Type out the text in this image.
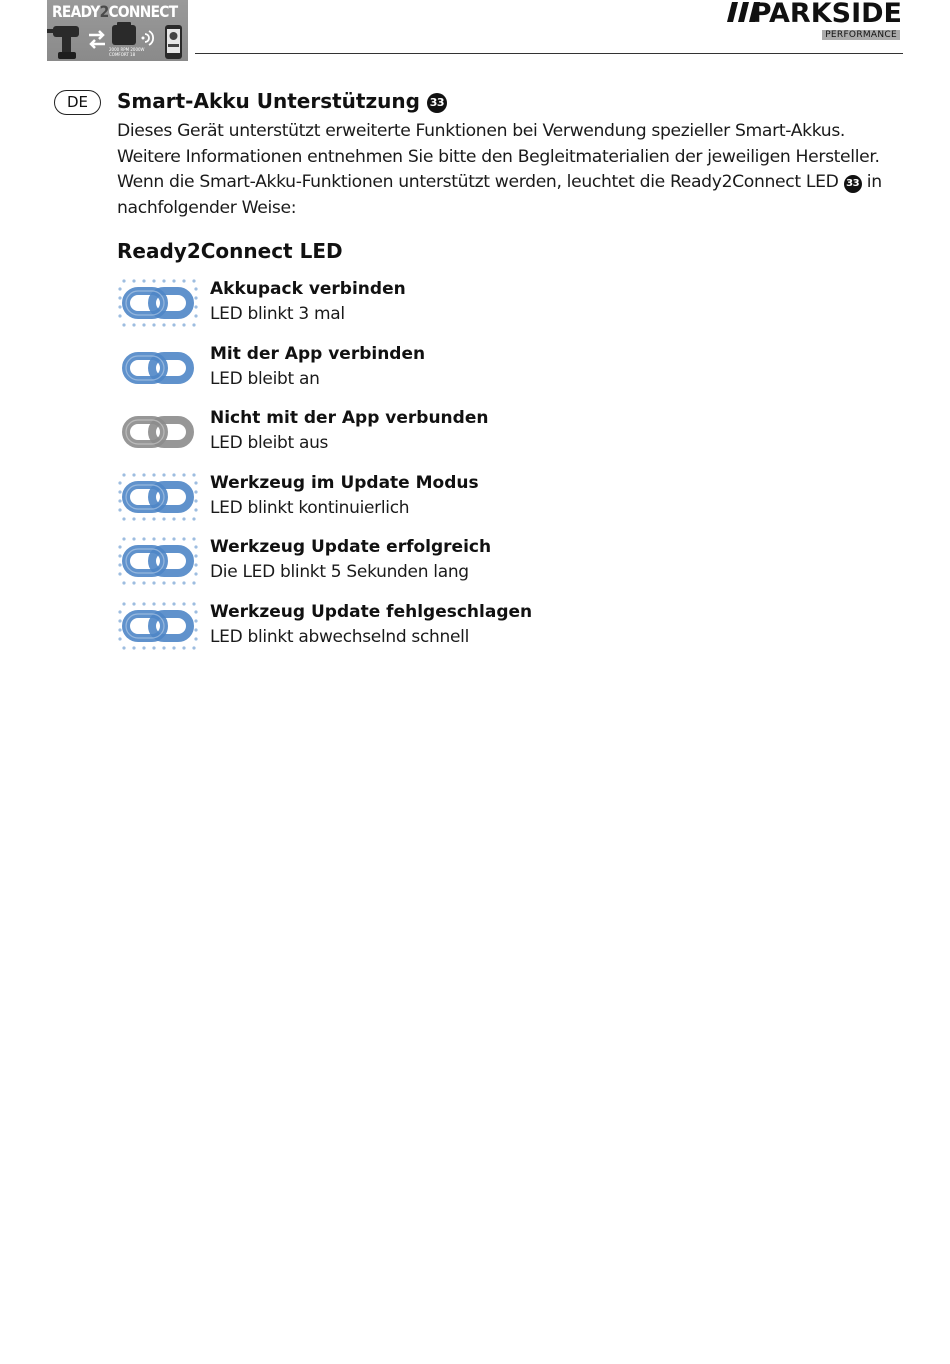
READY2CONNECT
2000 RPM 2000W
COMFORT 18
PARKSIDE
PERFORMANCE
DE	Smart-Akku Unterstützung 33
Dieses Gerät unterstützt erweiterte Funktionen bei Verwendung spezieller Smart-Akkus. Weitere Informationen entnehmen Sie bitte den Begleitmaterialien der jeweiligen Hersteller. Wenn die Smart-Akku-Funktionen unterstützt werden, leuchtet die Ready2Connect LED 33 in nachfolgender Weise:
Ready2Connect LED
Akkupack verbinden
LED blinkt 3 mal
Mit der App verbinden
LED bleibt an
Nicht mit der App verbunden
LED bleibt aus
Werkzeug im Update Modus
LED blinkt kontinuierlich
Werkzeug Update erfolgreich
Die LED blinkt 5 Sekunden lang
Werkzeug Update fehlgeschlagen
LED blinkt abwechselnd schnell
